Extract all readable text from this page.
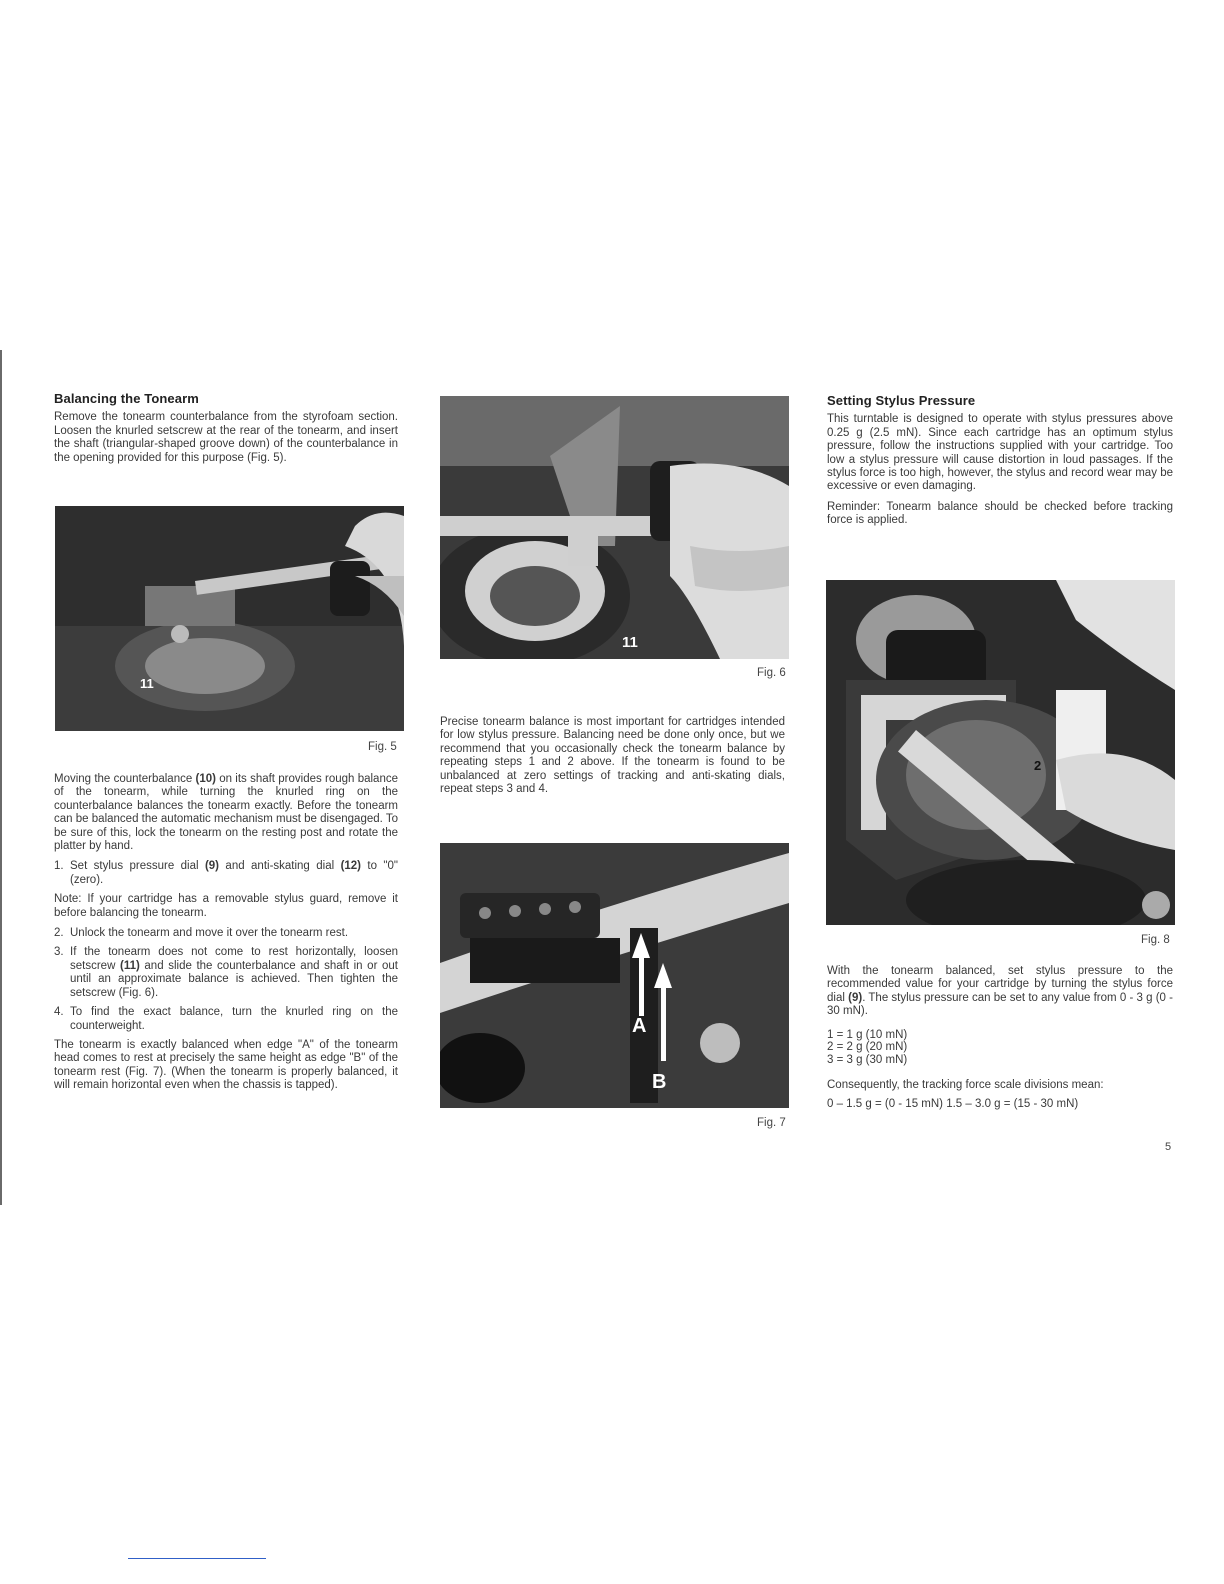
Balancing the Tonearm

Remove the tonearm counterbalance from the styrofoam section. Loosen the knurled setscrew at the rear of the tonearm, and insert the shaft (triangular-shaped groove down) of the counterbalance in the opening provided for this purpose (Fig. 5).

11
Fig. 5

Moving the counterbalance (10) on its shaft provides rough balance of the tonearm, while turning the knurled ring on the counterbalance balances the tonearm exactly. Before the tonearm can be balanced the automatic mechanism must be disengaged. To be sure of this, lock the tonearm on the resting post and rotate the platter by hand.

1. Set stylus pressure dial (9) and anti-skating dial (12) to "0" (zero).

Note: If your cartridge has a removable stylus guard, remove it before balancing the tonearm.

2. Unlock the tonearm and move it over the tonearm rest.
3. If the tonearm does not come to rest horizontally, loosen setscrew (11) and slide the counterbalance and shaft in or out until an approximate balance is achieved. Then tighten the setscrew (Fig. 6).
4. To find the exact balance, turn the knurled ring on the counterweight.

The tonearm is exactly balanced when edge "A" of the tonearm head comes to rest at precisely the same height as edge "B" of the tonearm rest (Fig. 7). (When the tonearm is properly balanced, it will remain horizontal even when the chassis is tapped).

11
Fig. 6

Precise tonearm balance is most important for cartridges intended for low stylus pressure. Balancing need be done only once, but we recommend that you occasionally check the tonearm balance by repeating steps 1 and 2 above. If the tonearm is found to be unbalanced at zero settings of tracking and anti-skating dials, repeat steps 3 and 4.

A
B
Fig. 7
Setting Stylus Pressure

This turntable is designed to operate with stylus pressures above 0.25 g (2.5 mN). Since each cartridge has an optimum stylus pressure, follow the instructions supplied with your cartridge. Too low a stylus pressure will cause distortion in loud passages. If the stylus force is too high, however, the stylus and record wear may be excessive or even damaging.

Reminder: Tonearm balance should be checked before tracking force is applied.

2
Fig. 8

With the tonearm balanced, set stylus pressure to the recommended value for your cartridge by turning the stylus force dial (9). The stylus pressure can be set to any value from 0 - 3 g (0 - 30 mN).

1 = 1 g (10 mN)
2 = 2 g (20 mN)
3 = 3 g (30 mN)

Consequently, the tracking force scale divisions mean:

0 – 1.5 g = (0 - 15 mN) 1.5 – 3.0 g = (15 - 30 mN)

5
